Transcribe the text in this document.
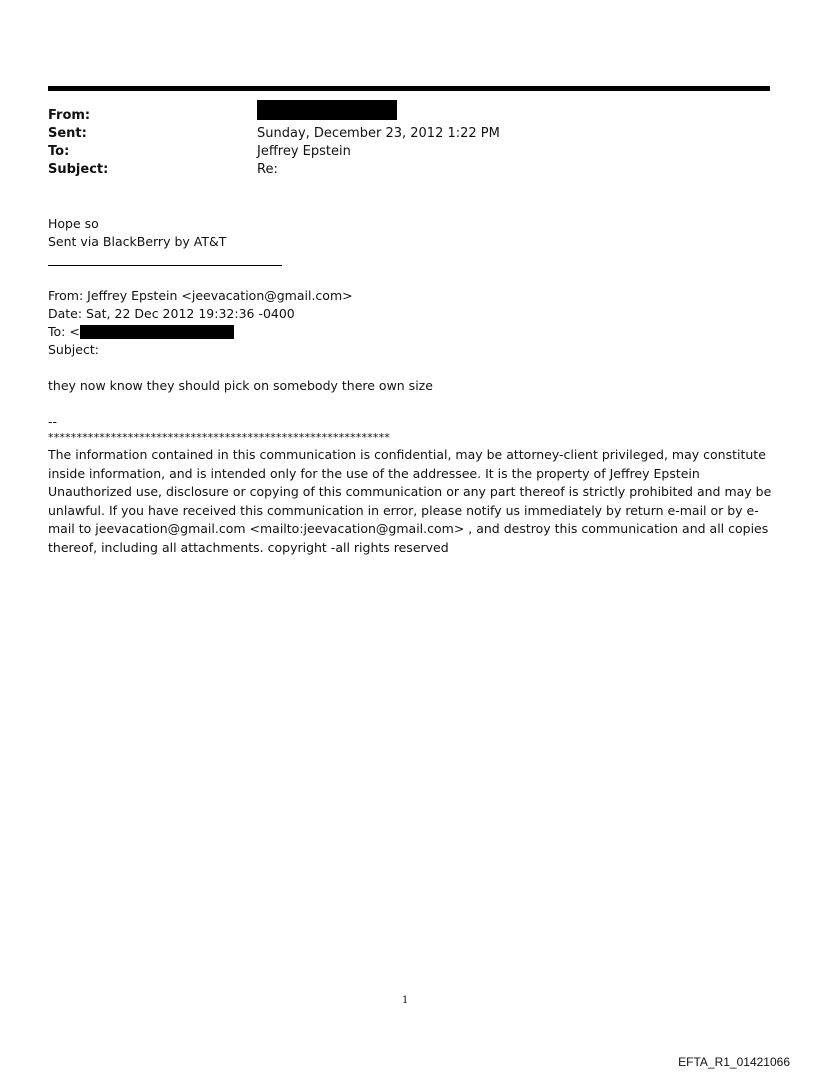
From:
Sent:	Sunday, December 23, 2012 1:22 PM
To:	Jeffrey Epstein
Subject:	Re:
Hope so
Sent via BlackBerry by AT&T
From: Jeffrey Epstein <jeevacation@gmail.com>
Date: Sat, 22 Dec 2012 19:32:36 -0400
To: <
Subject:
they now know they should pick on somebody there own size
--
************************************************************
The information contained in this communication is confidential, may be attorney-client privileged, may constitute inside information, and is intended only for the use of the addressee. It is the property of Jeffrey Epstein Unauthorized use, disclosure or copying of this communication or any part thereof is strictly prohibited and may be unlawful. If you have received this communication in error, please notify us immediately by return e-mail or by e-mail to jeevacation@gmail.com <mailto:jeevacation@gmail.com> , and destroy this communication and all copies thereof, including all attachments. copyright -all rights reserved
1
EFTA_R1_01421066
